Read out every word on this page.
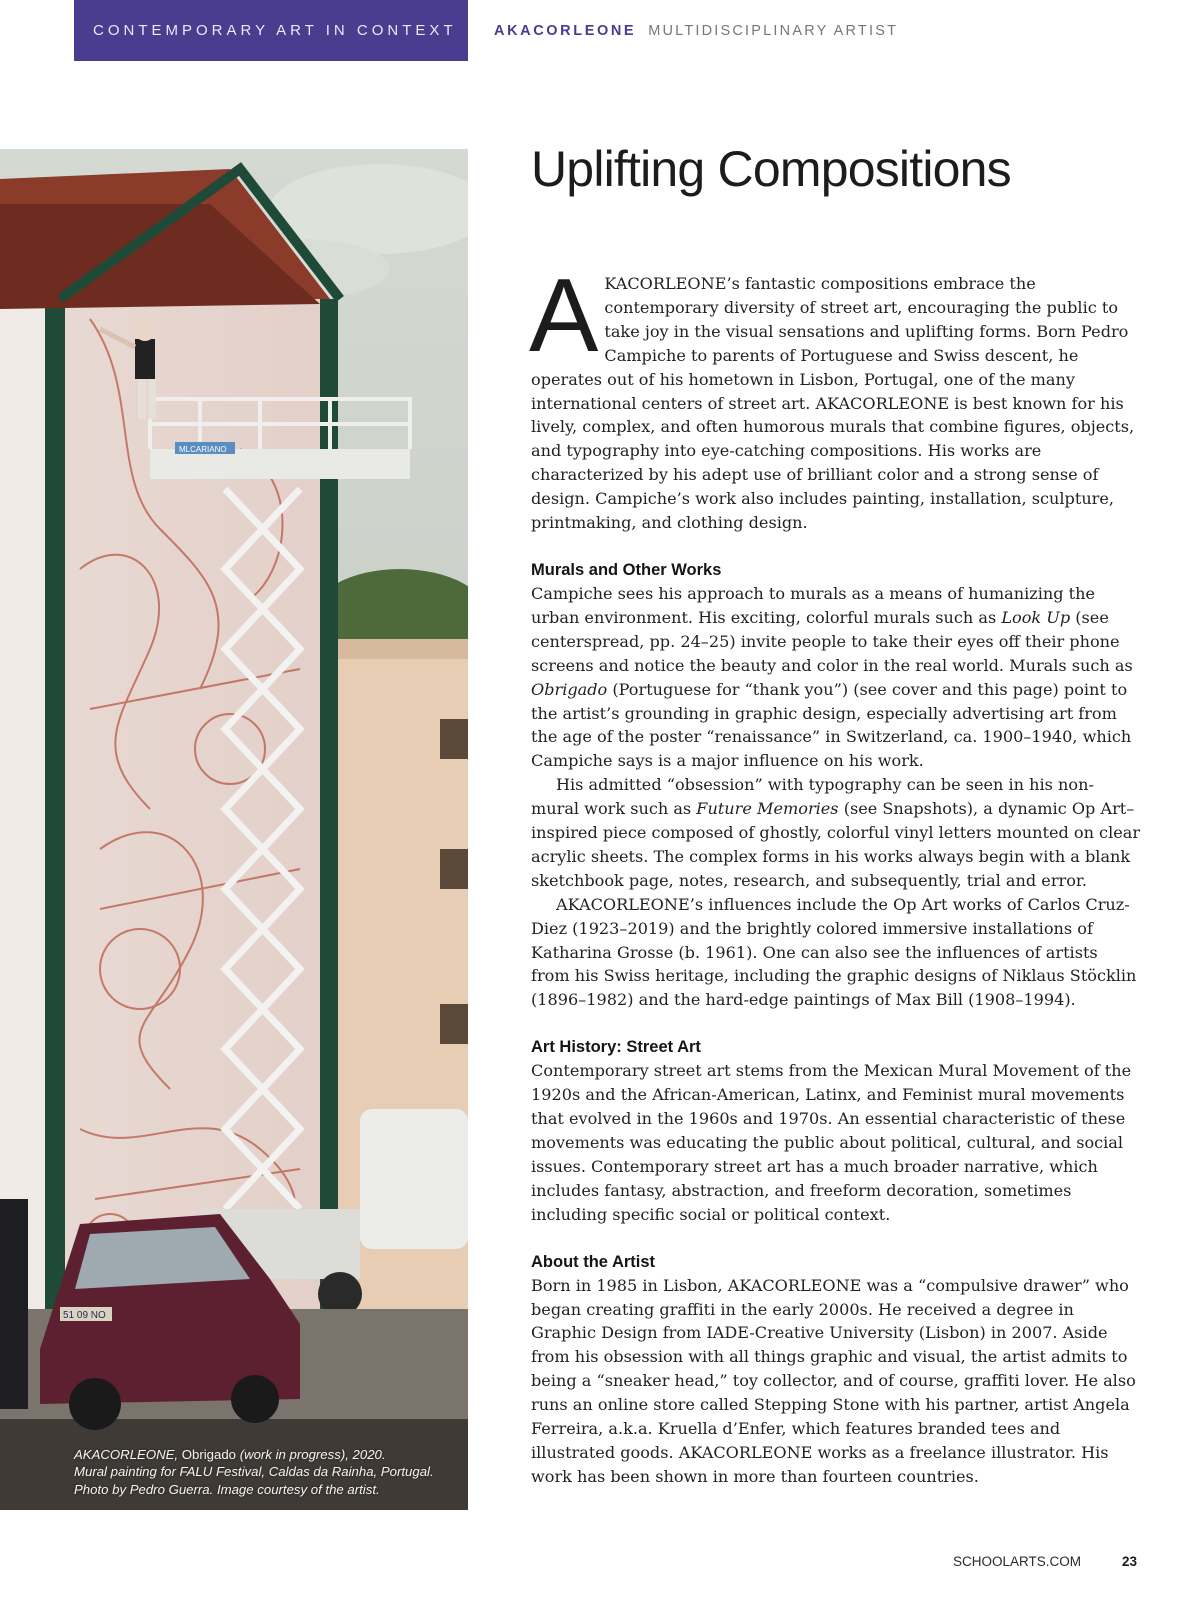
CONTEMPORARY ART IN CONTEXT	AKACORLEONE MULTIDISCIPLINARY ARTIST
MLCARIANO
51 09 NO
AKACORLEONE, Obrigado (work in progress), 2020.
Mural painting for FALU Festival, Caldas da Rainha, Portugal.
Photo by Pedro Guerra. Image courtesy of the artist.
Uplifting Compositions

AKACORLEONE’s fantastic compositions embrace the contemporary diversity of street art, encouraging the public to take joy in the visual sensations and uplifting forms. Born Pedro Campiche to parents of Portuguese and Swiss descent, he operates out of his hometown in Lisbon, Portugal, one of the many international centers of street art. AKACORLEONE is best known for his lively, complex, and often humorous murals that combine figures, objects, and typography into eye-catching compositions. His works are characterized by his adept use of brilliant color and a strong sense of design. Campiche’s work also includes painting, installation, sculpture, printmaking, and clothing design.

Murals and Other Works

Campiche sees his approach to murals as a means of humanizing the urban environment. His exciting, colorful murals such as Look Up (see centerspread, pp. 24–25) invite people to take their eyes off their phone screens and notice the beauty and color in the real world. Murals such as Obrigado (Portuguese for “thank you”) (see cover and this page) point to the artist’s grounding in graphic design, especially advertising art from the age of the poster “renaissance” in Switzerland, ca. 1900–1940, which Campiche says is a major influence on his work.

His admitted “obsession” with typography can be seen in his non-mural work such as Future Memories (see Snapshots), a dynamic Op Art–inspired piece composed of ghostly, colorful vinyl letters mounted on clear acrylic sheets. The complex forms in his works always begin with a blank sketchbook page, notes, research, and subsequently, trial and error.

AKACORLEONE’s influences include the Op Art works of Carlos Cruz-Diez (1923–2019) and the brightly colored immersive installations of Katharina Grosse (b. 1961). One can also see the influences of artists from his Swiss heritage, including the graphic designs of Niklaus Stöcklin (1896–1982) and the hard-edge paintings of Max Bill (1908–1994).

Art History: Street Art

Contemporary street art stems from the Mexican Mural Movement of the 1920s and the African-American, Latinx, and Feminist mural movements that evolved in the 1960s and 1970s. An essential characteristic of these movements was educating the public about political, cultural, and social issues. Contemporary street art has a much broader narrative, which includes fantasy, abstraction, and freeform decoration, sometimes including specific social or political context.

About the Artist

Born in 1985 in Lisbon, AKACORLEONE was a “compulsive drawer” who began creating graffiti in the early 2000s. He received a degree in Graphic Design from IADE-Creative University (Lisbon) in 2007. Aside from his obsession with all things graphic and visual, the artist admits to being a “sneaker head,” toy collector, and of course, graffiti lover. He also runs an online store called Stepping Stone with his partner, artist Angela Ferreira, a.k.a. Kruella d’Enfer, which features branded tees and illustrated goods. AKACORLEONE works as a freelance illustrator. His work has been shown in more than fourteen countries.

SCHOOLARTS.COM	23
